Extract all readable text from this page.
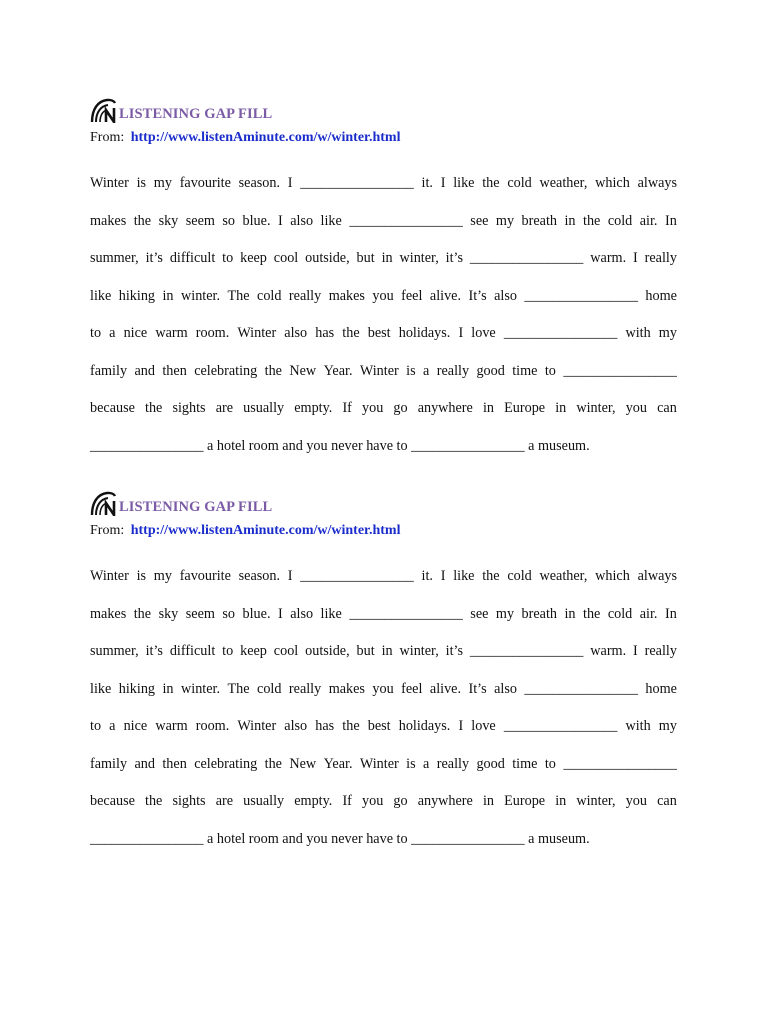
LISTENING GAP FILL
From: http://www.listenAminute.com/w/winter.html
Winter is my favourite season. I ________________ it. I like the cold weather, which always
makes the sky seem so blue. I also like ________________ see my breath in the cold air. In
summer, it’s difficult to keep cool outside, but in winter, it’s ________________ warm. I really
like hiking in winter. The cold really makes you feel alive. It’s also ________________ home
to a nice warm room. Winter also has the best holidays. I love ________________ with my
family and then celebrating the New Year. Winter is a really good time to ________________
because the sights are usually empty. If you go anywhere in Europe in winter, you can
________________ a hotel room and you never have to ________________ a museum.
LISTENING GAP FILL
From: http://www.listenAminute.com/w/winter.html
Winter is my favourite season. I ________________ it. I like the cold weather, which always
makes the sky seem so blue. I also like ________________ see my breath in the cold air. In
summer, it’s difficult to keep cool outside, but in winter, it’s ________________ warm. I really
like hiking in winter. The cold really makes you feel alive. It’s also ________________ home
to a nice warm room. Winter also has the best holidays. I love ________________ with my
family and then celebrating the New Year. Winter is a really good time to ________________
because the sights are usually empty. If you go anywhere in Europe in winter, you can
________________ a hotel room and you never have to ________________ a museum.
